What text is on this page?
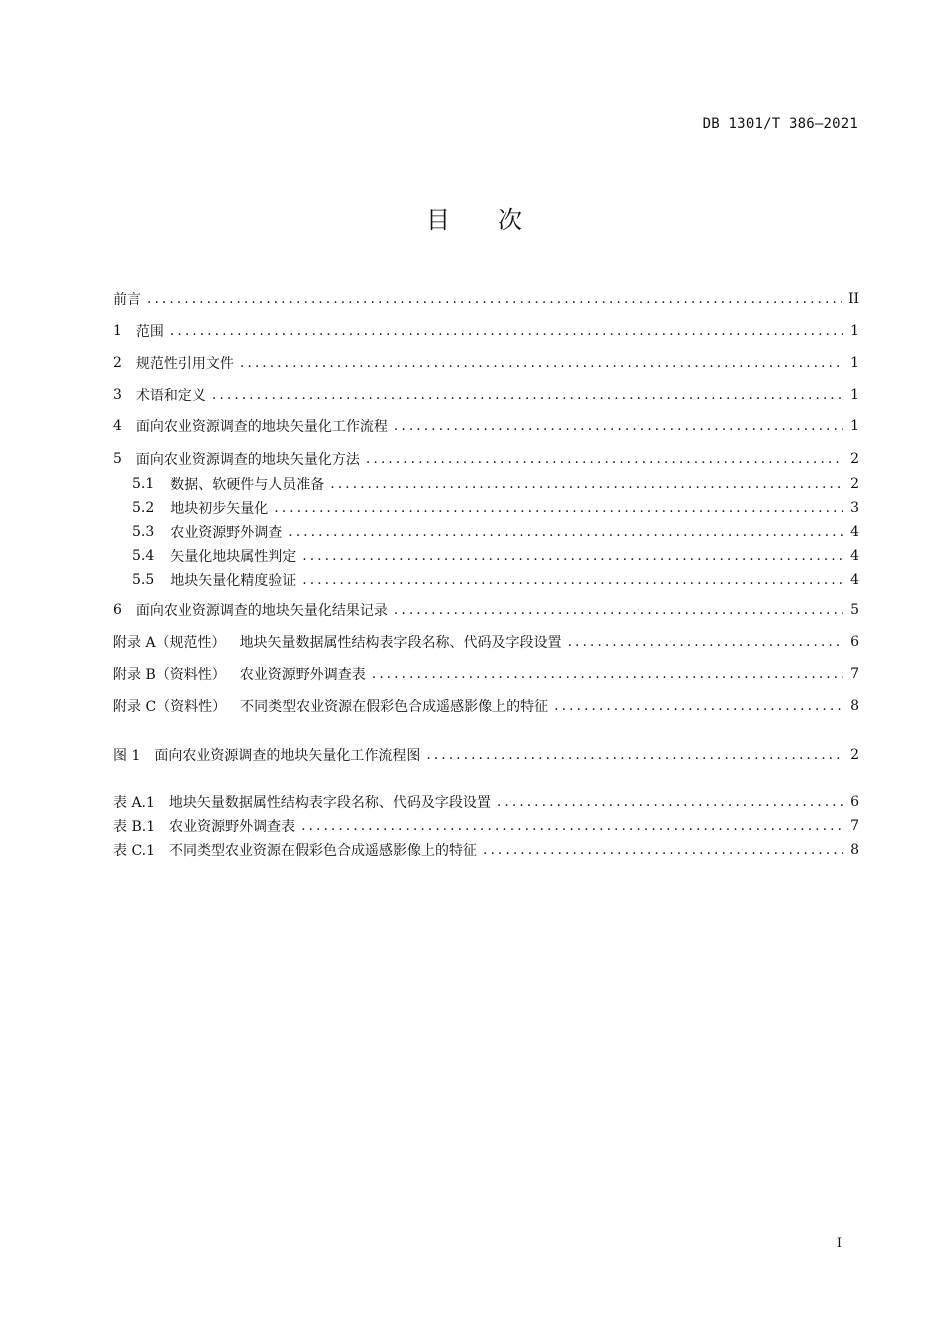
DB 1301/T 386—2021
目 次
前言 .....	II
1 范围 .....	1
2 规范性引用文件 .....	1
3 术语和定义 .....	1
4 面向农业资源调查的地块矢量化工作流程 .....	1
5 面向农业资源调查的地块矢量化方法 .....	2
5.1 数据、软硬件与人员准备 .....	2
5.2 地块初步矢量化 .....	3
5.3 农业资源野外调查 .....	4
5.4 矢量化地块属性判定 .....	4
5.5 地块矢量化精度验证 .....	4
6 面向农业资源调查的地块矢量化结果记录 .....	5
附录 A（规范性） 地块矢量数据属性结构表字段名称、代码及字段设置 .....	6
附录 B（资料性） 农业资源野外调查表 .....	7
附录 C（资料性） 不同类型农业资源在假彩色合成遥感影像上的特征 .....	8
图 1 面向农业资源调查的地块矢量化工作流程图 .....	2
表 A.1 地块矢量数据属性结构表字段名称、代码及字段设置 .....	6
表 B.1 农业资源野外调查表 .....	7
表 C.1 不同类型农业资源在假彩色合成遥感影像上的特征 .....	8
I
